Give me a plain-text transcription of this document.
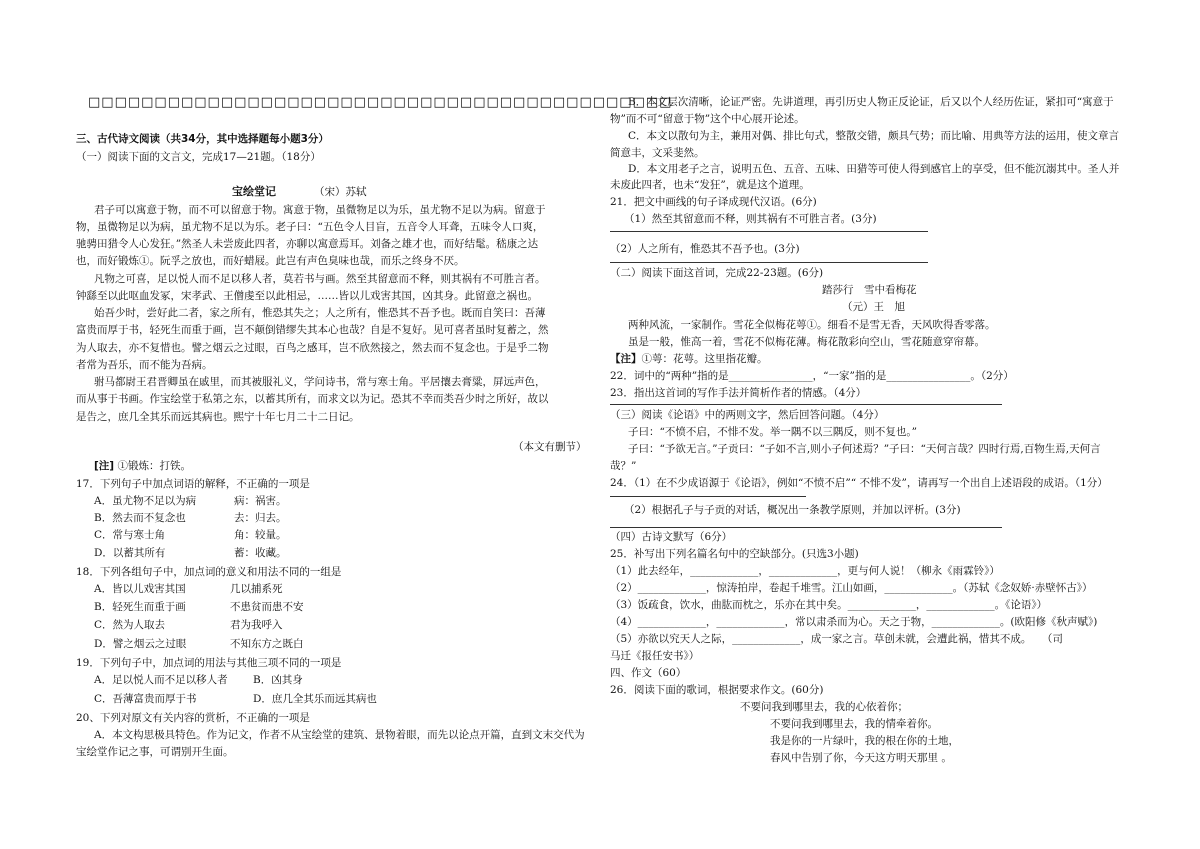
□□□□□□□□□□□□□□□□□□□□□□□□□□□□□□□□□□□□□□□□□□□□
三、古代诗文阅读（共34分，其中选择题每小题3分）
（一）阅读下面的文言文，完成17—21题。（18分）
宝绘堂记	（宋）苏轼
君子可以寓意于物，而不可以留意于物。寓意于物，虽微物足以为乐，虽尤物不足以为病。留意于
物，虽微物足以为病，虽尤物不足以为乐。老子曰：“五色令人目盲，五音令人耳聋，五味令人口爽，
驰骋田猎令人心发狂。”然圣人未尝废此四者，亦聊以寓意焉耳。刘备之雄才也，而好结髦。嵇康之达
也，而好锻炼①。阮孚之放也，而好蜡屐。此岂有声色臭味也哉，而乐之终身不厌。
凡物之可喜，足以悦人而不足以移人者，莫若书与画。然至其留意而不释，则其祸有不可胜言者。
钟繇至以此呕血发冢，宋孝武、王僧虔至以此相忌，……皆以儿戏害其国，凶其身。此留意之祸也。
始吾少时，尝好此二者，家之所有，惟恐其失之；人之所有，惟恐其不吾予也。既而自笑曰：吾薄
富贵而厚于书，轻死生而重于画，岂不颠倒错缪失其本心也哉？自是不复好。见可喜者虽时复蓄之，然
为人取去，亦不复惜也。譬之烟云之过眼，百鸟之感耳，岂不欣然接之，然去而不复念也。于是乎二物
者常为吾乐，而不能为吾病。
驸马都尉王君晋卿虽在戚里，而其被服礼义，学问诗书，常与寒士角。平居攘去膏粱，屏远声色，
而从事于书画。作宝绘堂于私第之东，以蓄其所有，而求文以为记。恐其不幸而类吾少时之所好，故以
是告之，庶几全其乐而远其病也。熙宁十年七月二十二日记。
（本文有删节）
[注] ①锻炼：打铁。
17．下列句子中加点词语的解释，不正确的一项是
A．虽尤物不足以为病	病：祸害。
B．然去而不复念也	去：归去。
C．常与寒士角	角：较量。
D．以蓄其所有	蓄：收藏。
18．下列各组句子中，加点词的意义和用法不同的一组是
A．皆以儿戏害其国	几以捕系死
B．轻死生而重于画	不患贫而患不安
C．然为人取去	君为我呼入
D．譬之烟云之过眼	不知东方之既白
19．下列句子中，加点词的用法与其他三项不同的一项是
A．足以悦人而不足以移人者 B．凶其身
C．吾薄富贵而厚于书	D．庶几全其乐而远其病也
20、下列对原文有关内容的赏析，不正确的一项是
A．本文构思极具特色。作为记文，作者不从宝绘堂的建筑、景物着眼，而先以论点开篇，直到文末交代为
宝绘堂作记之事，可谓别开生面。
B．本文层次清晰，论证严密。先讲道理，再引历史人物正反论证，后又以个人经历佐证，紧扣可“寓意于
物”而不可“留意于物”这个中心展开论述。
C．本文以散句为主，兼用对偶、排比句式，整散交错，颇具气势；而比喻、用典等方法的运用，使文章言
简意丰，文采斐然。
D．本文用老子之言，说明五色、五音、五味、田猎等可使人得到感官上的享受，但不能沉溺其中。圣人并
未废此四者，也未“发狂”，就是这个道理。
21．把文中画线的句子译成现代汉语。(6分)
（1）然至其留意而不释，则其祸有不可胜言者。(3分)
（2）人之所有，惟恐其不吾予也。(3分)
（二）阅读下面这首词，完成22-23题。(6分)
踏莎行　雪中看梅花
（元）王　旭
两种风流，一家制作。雪花全似梅花萼①。细看不是雪无香，天风吹得香零落。
虽是一般，惟高一着，雪花不似梅花薄。梅花散彩向空山，雪花随意穿帘幕。
【注】①萼：花萼。这里指花瓣。
22．词中的“两种”指的是________________，“一家”指的是________________。（2分）
23．指出这首词的写作手法并简析作者的情感。（4分）
（三）阅读《论语》中的两则文字，然后回答问题。（4分）
子曰：“不愤不启，不悱不发。举一隅不以三隅反，则不复也。”
子曰：“予欲无言。”子贡曰：“子如不言,则小子何述焉？”子曰：“天何言哉？四时行焉,百物生焉,天何言
哉？”
24．（1）在不少成语源于《论语》，例如“不愤不启”“ 不悱不发”，请再写一个出自上述语段的成语。（1分）
（2）根据孔子与子贡的对话，概况出一条教学原则，并加以评析。(3分)
（四）古诗文默写（6分）
25．补写出下列名篇名句中的空缺部分。(只选3小题)
（1）此去经年，_____________，_____________，更与何人说！（柳永《雨霖铃》）
（2）_____________，惊涛拍岸，卷起千堆雪。江山如画，_____________。（苏轼《念奴娇·赤壁怀古》）
（3）饭疏食，饮水，曲肱而枕之，乐亦在其中矣。_____________，_____________。《论语》）
（4）_____________，_____________，常以肃杀而为心。天之于物，_____________。(欧阳修《秋声赋》)
（5）亦欲以究天人之际，_____________，成一家之言。草创未就，会遭此祸，惜其不成。　　（司
马迁《报任安书》）
四、作文（60）
26．阅读下面的歌词，根据要求作文。(60分)
不要问我到哪里去，我的心依着你；
不要问我到哪里去，我的情牵着你。
我是你的一片绿叶，我的根在你的土地，
春风中告别了你，今天这方明天那里 。
